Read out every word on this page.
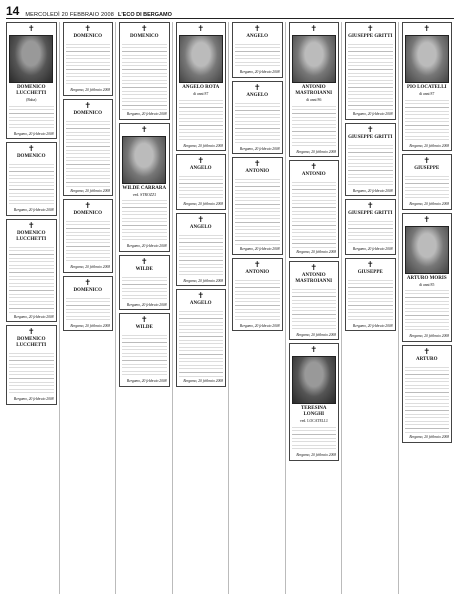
14 MERCOLEDÌ 20 FEBBRAIO 2008 L'ECO DI BERGAMO
✝
DOMENICO LUCCHETTI
(Baba)
Bergamo, 20 febbraio 2008
✝
DOMENICO
Bergamo, 20 febbraio 2008
✝
DOMENICO LUCCHETTI
Bergamo, 20 febbraio 2008
✝
DOMENICO LUCCHETTI
Bergamo, 20 febbraio 2008
✝
DOMENICO
Bergamo, 20 febbraio 2008
✝
DOMENICO
Bergamo, 20 febbraio 2008
✝
DOMENICO
Bergamo, 20 febbraio 2008
✝
DOMENICO
Bergamo, 20 febbraio 2008
✝
DOMENICO
Bergamo, 20 febbraio 2008
✝
WILDE CARRARA
ved. STROZZI
Bergamo, 20 febbraio 2008
✝
WILDE
Bergamo, 20 febbraio 2008
✝
WILDE
Bergamo, 20 febbraio 2008
✝
ANGELO ROTA
di anni 87
Bergamo, 20 febbraio 2008
✝
ANGELO
Bergamo, 20 febbraio 2008
✝
ANGELO
Bergamo, 20 febbraio 2008
✝
ANGELO
Bergamo, 20 febbraio 2008
✝
ANGELO
Bergamo, 20 febbraio 2008
✝
ANGELO
Bergamo, 20 febbraio 2008
✝
ANTONIO
Bergamo, 20 febbraio 2008
✝
ANTONIO
Bergamo, 20 febbraio 2008
✝
ANTONIO MASTROIANNI
di anni 86
Bergamo, 20 febbraio 2008
✝
ANTONIO
Bergamo, 20 febbraio 2008
✝
ANTONIO MASTROIANNI
Bergamo, 20 febbraio 2008
✝
TERESINA LONGHI
ved. LOCATELLI
Bergamo, 20 febbraio 2008
✝
GIUSEPPE GRITTI
Bergamo, 20 febbraio 2008
✝
GIUSEPPE GRITTI
Bergamo, 20 febbraio 2008
✝
GIUSEPPE GRITTI
Bergamo, 20 febbraio 2008
✝
GIUSEPPE
Bergamo, 20 febbraio 2008
✝
PIO LOCATELLI
di anni 87
Bergamo, 20 febbraio 2008
✝
GIUSEPPE
Bergamo, 20 febbraio 2008
✝
ARTURO MORIS
di anni 85
Bergamo, 20 febbraio 2008
✝
ARTURO
Bergamo, 20 febbraio 2008
